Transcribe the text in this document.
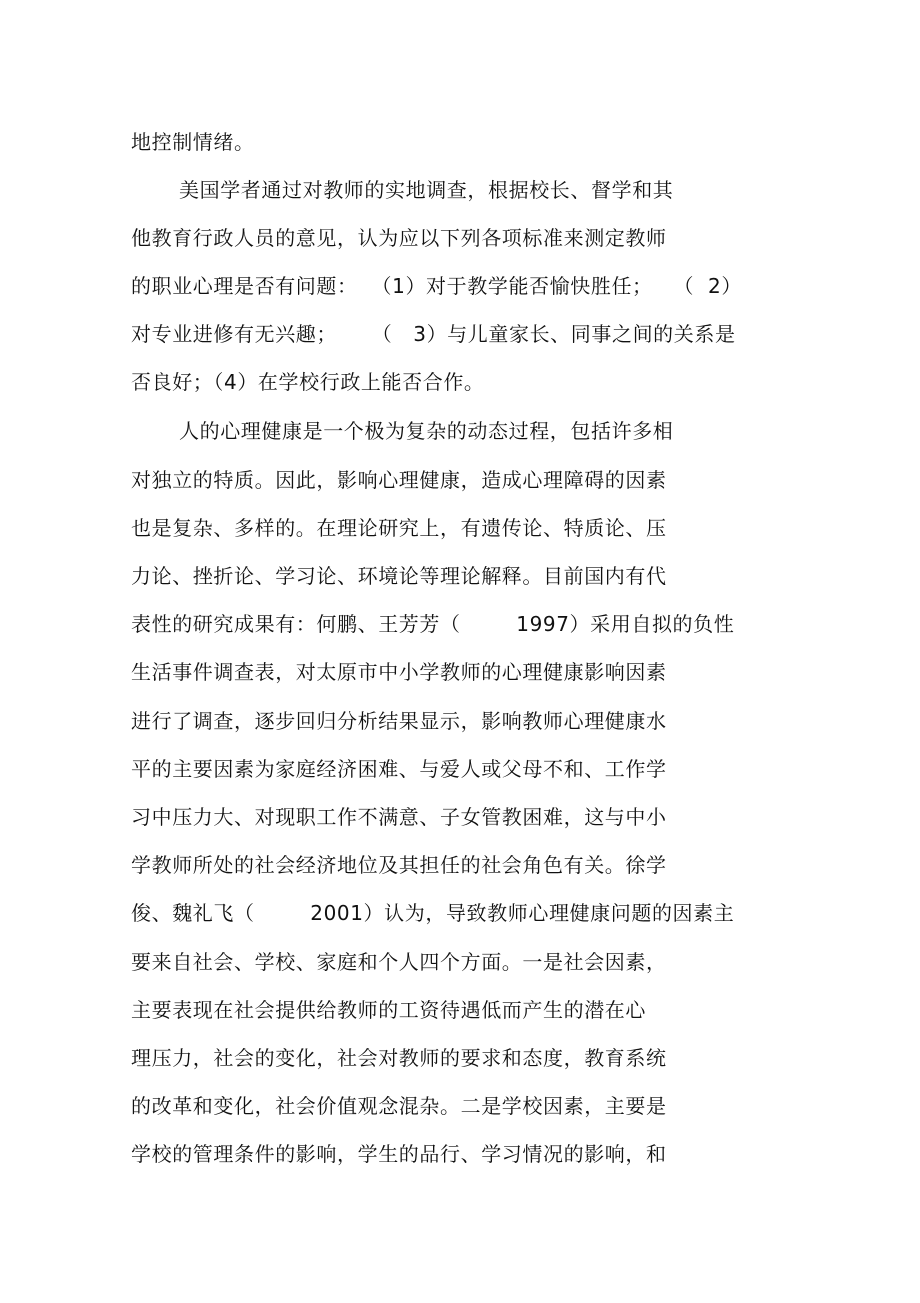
地控制情绪。
美国学者通过对教师的实地调查，根据校长、督学和其
他教育行政人员的意见，认为应以下列各项标准来测定教师
的职业心理是否有问题：  （1）对于教学能否愉快胜任；   （  2）
对专业进修有无兴趣；     （   3）与儿童家长、同事之间的关系是
否良好；（4）在学校行政上能否合作。
人的心理健康是一个极为复杂的动态过程，包括许多相
对独立的特质。因此，影响心理健康，造成心理障碍的因素
也是复杂、多样的。在理论研究上，有遗传论、特质论、压
力论、挫折论、学习论、环境论等理论解释。目前国内有代
表性的研究成果有：何鹏、王芳芳（        1997）采用自拟的负性
生活事件调查表，对太原市中小学教师的心理健康影响因素
进行了调查，逐步回归分析结果显示，影响教师心理健康水
平的主要因素为家庭经济困难、与爱人或父母不和、工作学
习中压力大、对现职工作不满意、子女管教困难，这与中小
学教师所处的社会经济地位及其担任的社会角色有关。徐学
俊、魏礼飞（        2001）认为，导致教师心理健康问题的因素主
要来自社会、学校、家庭和个人四个方面。一是社会因素，
主要表现在社会提供给教师的工资待遇低而产生的潜在心
理压力，社会的变化，社会对教师的要求和态度，教育系统
的改革和变化，社会价值观念混杂。二是学校因素，主要是
学校的管理条件的影响，学生的品行、学习情况的影响，和
